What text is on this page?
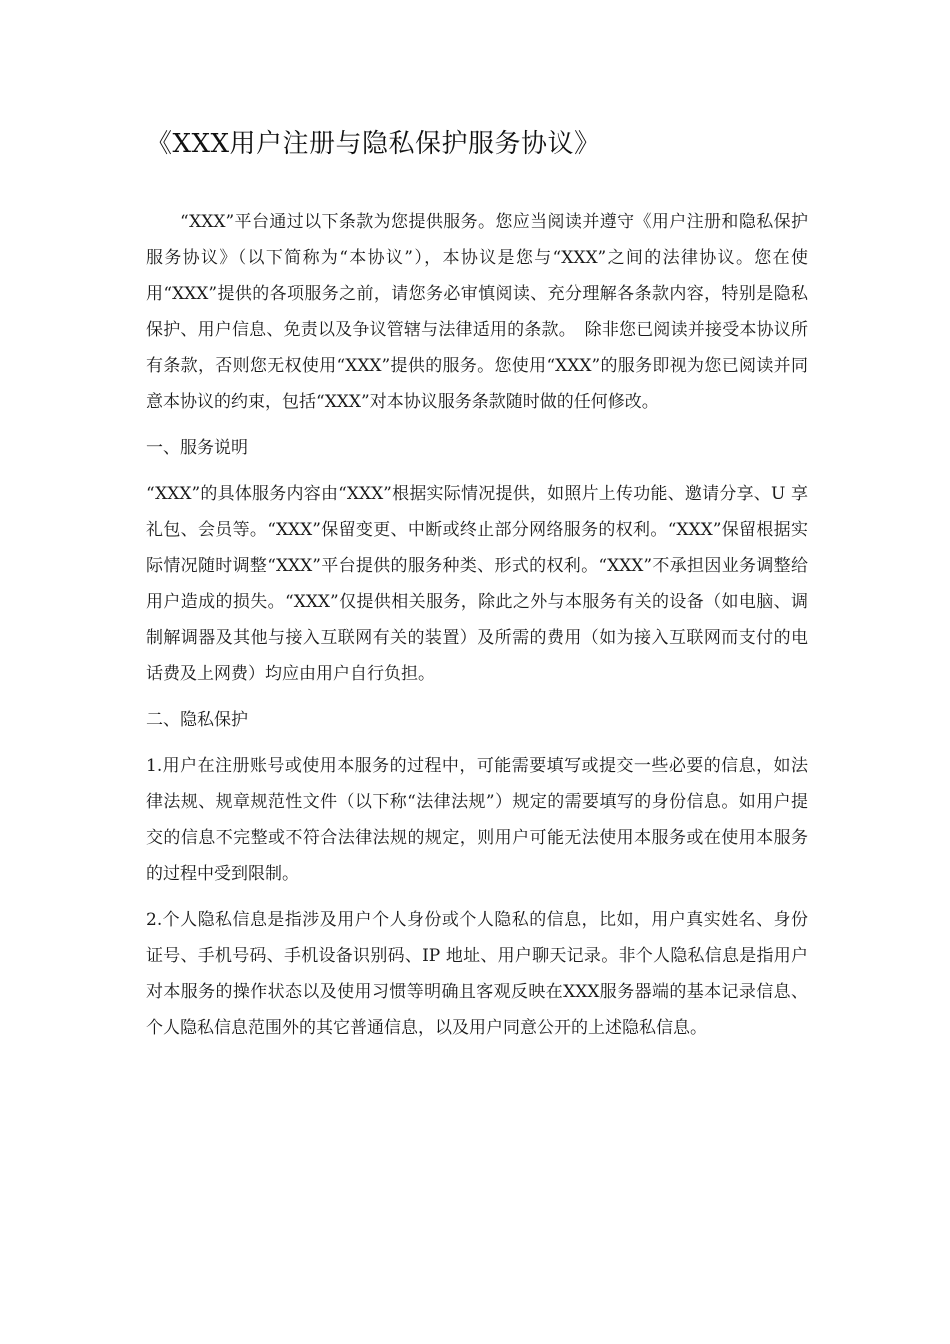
《XXX用户注册与隐私保护服务协议》

“XXX”平台通过以下条款为您提供服务。您应当阅读并遵守《用户注册和隐私保护服务协议》（以下简称为“本协议”），本协议是您与“XXX”之间的法律协议。您在使用“XXX”提供的各项服务之前，请您务必审慎阅读、充分理解各条款内容，特别是隐私保护、用户信息、免责以及争议管辖与法律适用的条款。　除非您已阅读并接受本协议所有条款，否则您无权使用“XXX”提供的服务。您使用“XXX”的服务即视为您已阅读并同意本协议的约束，包括“XXX”对本协议服务条款随时做的任何修改。

一、服务说明

“XXX”的具体服务内容由“XXX”根据实际情况提供，如照片上传功能、邀请分享、U 享礼包、会员等。“XXX”保留变更、中断或终止部分网络服务的权利。“XXX”保留根据实际情况随时调整“XXX”平台提供的服务种类、形式的权利。“XXX”不承担因业务调整给用户造成的损失。“XXX”仅提供相关服务，除此之外与本服务有关的设备（如电脑、调制解调器及其他与接入互联网有关的装置）及所需的费用（如为接入互联网而支付的电话费及上网费）均应由用户自行负担。

二、隐私保护

1.用户在注册账号或使用本服务的过程中，可能需要填写或提交一些必要的信息，如法律法规、规章规范性文件（以下称“法律法规”）规定的需要填写的身份信息。如用户提交的信息不完整或不符合法律法规的规定，则用户可能无法使用本服务或在使用本服务的过程中受到限制。

2.个人隐私信息是指涉及用户个人身份或个人隐私的信息，比如，用户真实姓名、身份证号、手机号码、手机设备识别码、IP 地址、用户聊天记录。非个人隐私信息是指用户对本服务的操作状态以及使用习惯等明确且客观反映在XXX服务器端的基本记录信息、个人隐私信息范围外的其它普通信息，以及用户同意公开的上述隐私信息。
